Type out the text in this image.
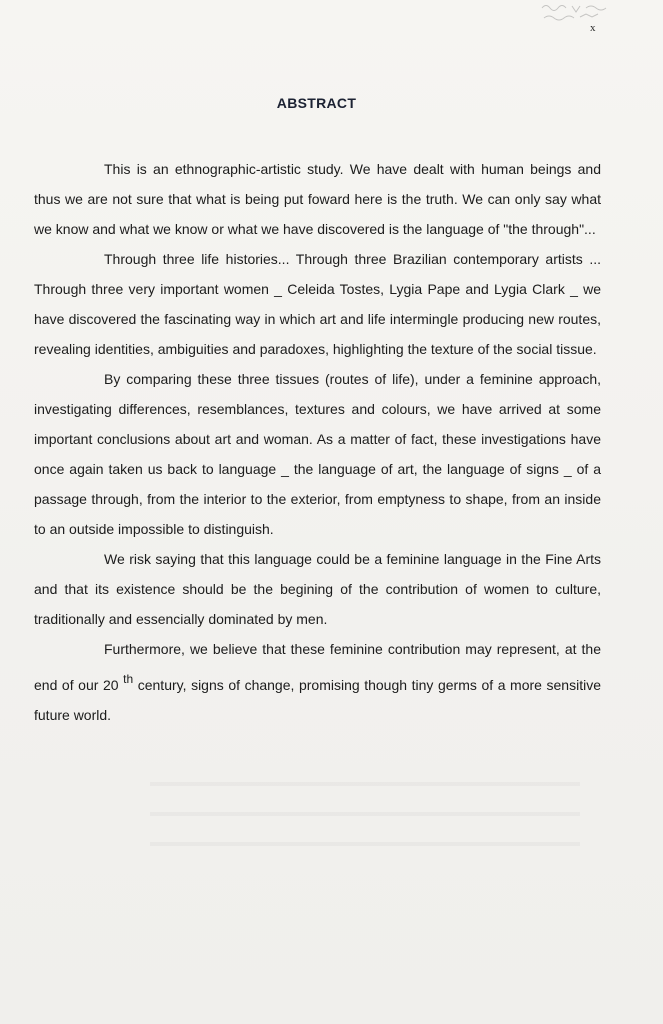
x
ABSTRACT

This is an ethnographic-artistic study. We have dealt with human beings and thus we are not sure that what is being put foward here is the truth. We can only say what we know and what we know or what we have discovered is the language of "the through"...

Through three life histories... Through three Brazilian contemporary artists ... Through three very important women _ Celeida Tostes, Lygia Pape and Lygia Clark _ we have discovered the fascinating way in which art and life intermingle producing new routes, revealing identities, ambiguities and paradoxes, highlighting the texture of the social tissue.

By comparing these three tissues (routes of life), under a feminine approach, investigating differences, resemblances, textures and colours, we have arrived at some important conclusions about art and woman. As a matter of fact, these investigations have once again taken us back to language _ the language of art, the language of signs _ of a passage through, from the interior to the exterior, from emptyness to shape, from an inside to an outside impossible to distinguish.

We risk saying that this language could be a feminine language in the Fine Arts and that its existence should be the begining of the contribution of women to culture, traditionally and essencially dominated by men.

Furthermore, we believe that these feminine contribution may represent, at the end of our 20 th century, signs of change, promising though tiny germs of a more sensitive future world.
